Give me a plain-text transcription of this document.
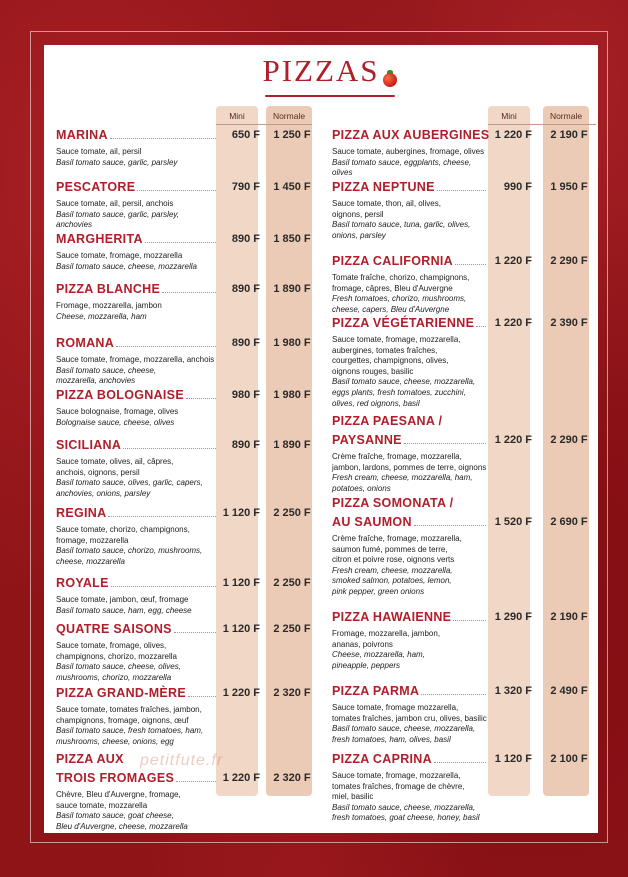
PIZZAS
Mini	Normale	Mini	Normale
MARINA
Sauce tomate, ail, persil
Basil tomato sauce, garlic, parsley
650 F	1 250 F
PESCATORE
Sauce tomate, ail, persil, anchois
Basil tomato sauce, garlic, parsley, anchovies
790 F	1 450 F
MARGHERITA
Sauce tomate, fromage, mozzarella
Basil tomato sauce, cheese, mozzarella
890 F	1 850 F
PIZZA BLANCHE
Fromage, mozzarella, jambon
Cheese, mozzarella, ham
890 F	1 890 F
ROMANA
Sauce tomate, fromage, mozzarella, anchois
Basil tomato sauce, cheese,
mozzarella, anchovies
890 F	1 980 F
PIZZA BOLOGNAISE
Sauce bolognaise, fromage, olives
Bolognaise sauce, cheese, olives
980 F	1 980 F
SICILIANA
Sauce tomate, olives, ail, câpres,
anchois, oignons, persil
Basil tomato sauce, olives, garlic, capers,
anchovies, onions, parsley
890 F	1 890 F
REGINA
Sauce tomate, chorizo, champignons,
fromage, mozzarella
Basil tomato sauce, chorizo, mushrooms,
cheese, mozzarella
1 120 F	2 250 F
ROYALE
Sauce tomate, jambon, œuf, fromage
Basil tomato sauce, ham, egg, cheese
1 120 F	2 250 F
QUATRE SAISONS
Sauce tomate, fromage, olives,
champignons, chorizo, mozzarella
Basil tomato sauce, cheese, olives,
mushrooms, chorizo, mozzarella
1 120 F	2 250 F
PIZZA GRAND-MÈRE
Sauce tomate, tomates fraîches, jambon,
champignons, fromage, oignons, œuf
Basil tomato sauce, fresh tomatoes, ham,
mushrooms, cheese, onions, egg
1 220 F	2 320 F
PIZZA AUX
TROIS FROMAGES
Chèvre, Bleu d'Auvergne, fromage,
sauce tomate, mozzarella
Basil tomato sauce, goat cheese,
Bleu d'Auvergne, cheese, mozzarella
1 220 F	2 320 F
PIZZA AUX AUBERGINES
Sauce tomate, aubergines, fromage, olives
Basil tomato sauce, eggplants, cheese, olives
1 220 F	2 190 F
PIZZA NEPTUNE
Sauce tomate, thon, ail, olives,
oignons, persil
Basil tomato sauce, tuna, garlic, olives,
onions, parsley
990 F	1 950 F
PIZZA CALIFORNIA
Tomate fraîche, chorizo, champignons,
fromage, câpres, Bleu d'Auvergne
Fresh tomatoes, chorizo, mushrooms,
cheese, capers, Bleu d'Auvergne
1 220 F	2 290 F
PIZZA VÉGÉTARIENNE
Sauce tomate, fromage, mozzarella,
aubergines, tomates fraîches,
courgettes, champignons, olives,
oignons rouges, basilic
Basil tomato sauce, cheese, mozzarella,
eggs plants, fresh tomatoes, zucchini,
olives, red oignons, basil
1 220 F	2 390 F
PIZZA PAESANA /
PAYSANNE
Crème fraîche, fromage, mozzarella,
jambon, lardons, pommes de terre, oignons
Fresh cream, cheese, mozzarella, ham,
potatoes, onions
1 220 F	2 290 F
PIZZA SOMONATA /
AU SAUMON
Crème fraîche, fromage, mozzarella,
saumon fumé, pommes de terre,
citron et poivre rose, oignons verts
Fresh cream, cheese, mozzarella,
smoked salmon, potatoes, lemon,
pink pepper, green onions
1 520 F	2 690 F
PIZZA HAWAIENNE
Fromage, mozzarella, jambon,
ananas, poivrons
Cheese, mozzarella, ham,
pineapple, peppers
1 290 F	2 190 F
PIZZA PARMA
Sauce tomate, fromage mozzarella,
tomates fraîches, jambon cru, olives, basilic
Basil tomato sauce, cheese, mozzarella,
fresh tomatoes, ham, olives, basil
1 320 F	2 490 F
PIZZA CAPRINA
Sauce tomate, fromage, mozzarella,
tomates fraîches, fromage de chèvre,
miel, basilic
Basil tomato sauce, cheese, mozzarella,
fresh tomatoes, goat cheese, honey, basil
1 120 F	2 100 F
petitfute.fr
